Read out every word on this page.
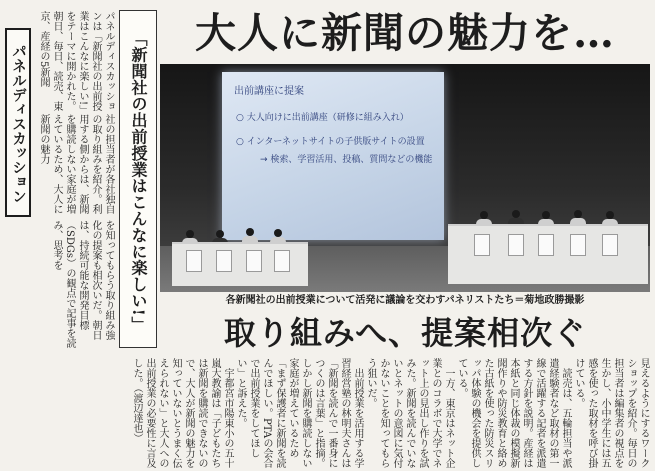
大人に新聞の魅力を…
パネルディスカッション	パネルディスカッションは「新聞社の出前授業はこんなに楽しい!」をテーマに開かれた。朝日、毎日、読売、東京、産経の5新聞

社の担当者が各社独自の取り組みを紹介。利用する側からは、新聞を購読しない家庭が増えているため、大人に新聞の魅力

を知ってもらう取り組み強化の提案も相次いだ。朝日は、持続可能な開発目標（SDGs）の観点で記事を読み、思考を	「新聞社の出前授業はこんなに楽しい!」	出前講座に提案
○ 大人向けに出前講座（研修に組み入れ）
○ インターネットサイトの子供版サイトの設置
→ 検索、学習活用、投稿、質問などの機能
各新聞社の出前授業について活発に議論を交わすパネリストたち＝菊地政勝撮影
取り組みへ、提案相次ぐ

見えるようにするワークショップを紹介。毎日の担当者は編集者の視点を生かし、小中学生には五感を使った取材を呼び掛けている。

読売は、五輪担当や派遣経験者など取材の第一線で活躍する記者を派遣する方針を説明。産経は本紙と同じ体裁の模擬新聞作りや防災教育と絡めた古紙を使った防災スリッパ体験の機会を提供している。

一方、東京はネット企業とのコラボで大学でネット上の見出し作りを試みた。新聞を読んでいないとネットの意図に気付かないことを知ってもらう狙いだ。

出前授業を活用する学習経営塾の林明夫さんは「新聞を読んで一番身につくのは言葉」と指摘。しかし新聞を購読しない家庭が増えているため「まず保護者に新聞を読んでほしい。PTAの会合で出前授業をしてほしい」と訴えた。

宇都宮市陽東小の五十嵐大教諭は「子どもたちは新聞を購読できないので、大人が新聞の魅力を知っていないとうまく伝えられない」と大人への出前授業の必要性に言及した。（渡辺達也）
